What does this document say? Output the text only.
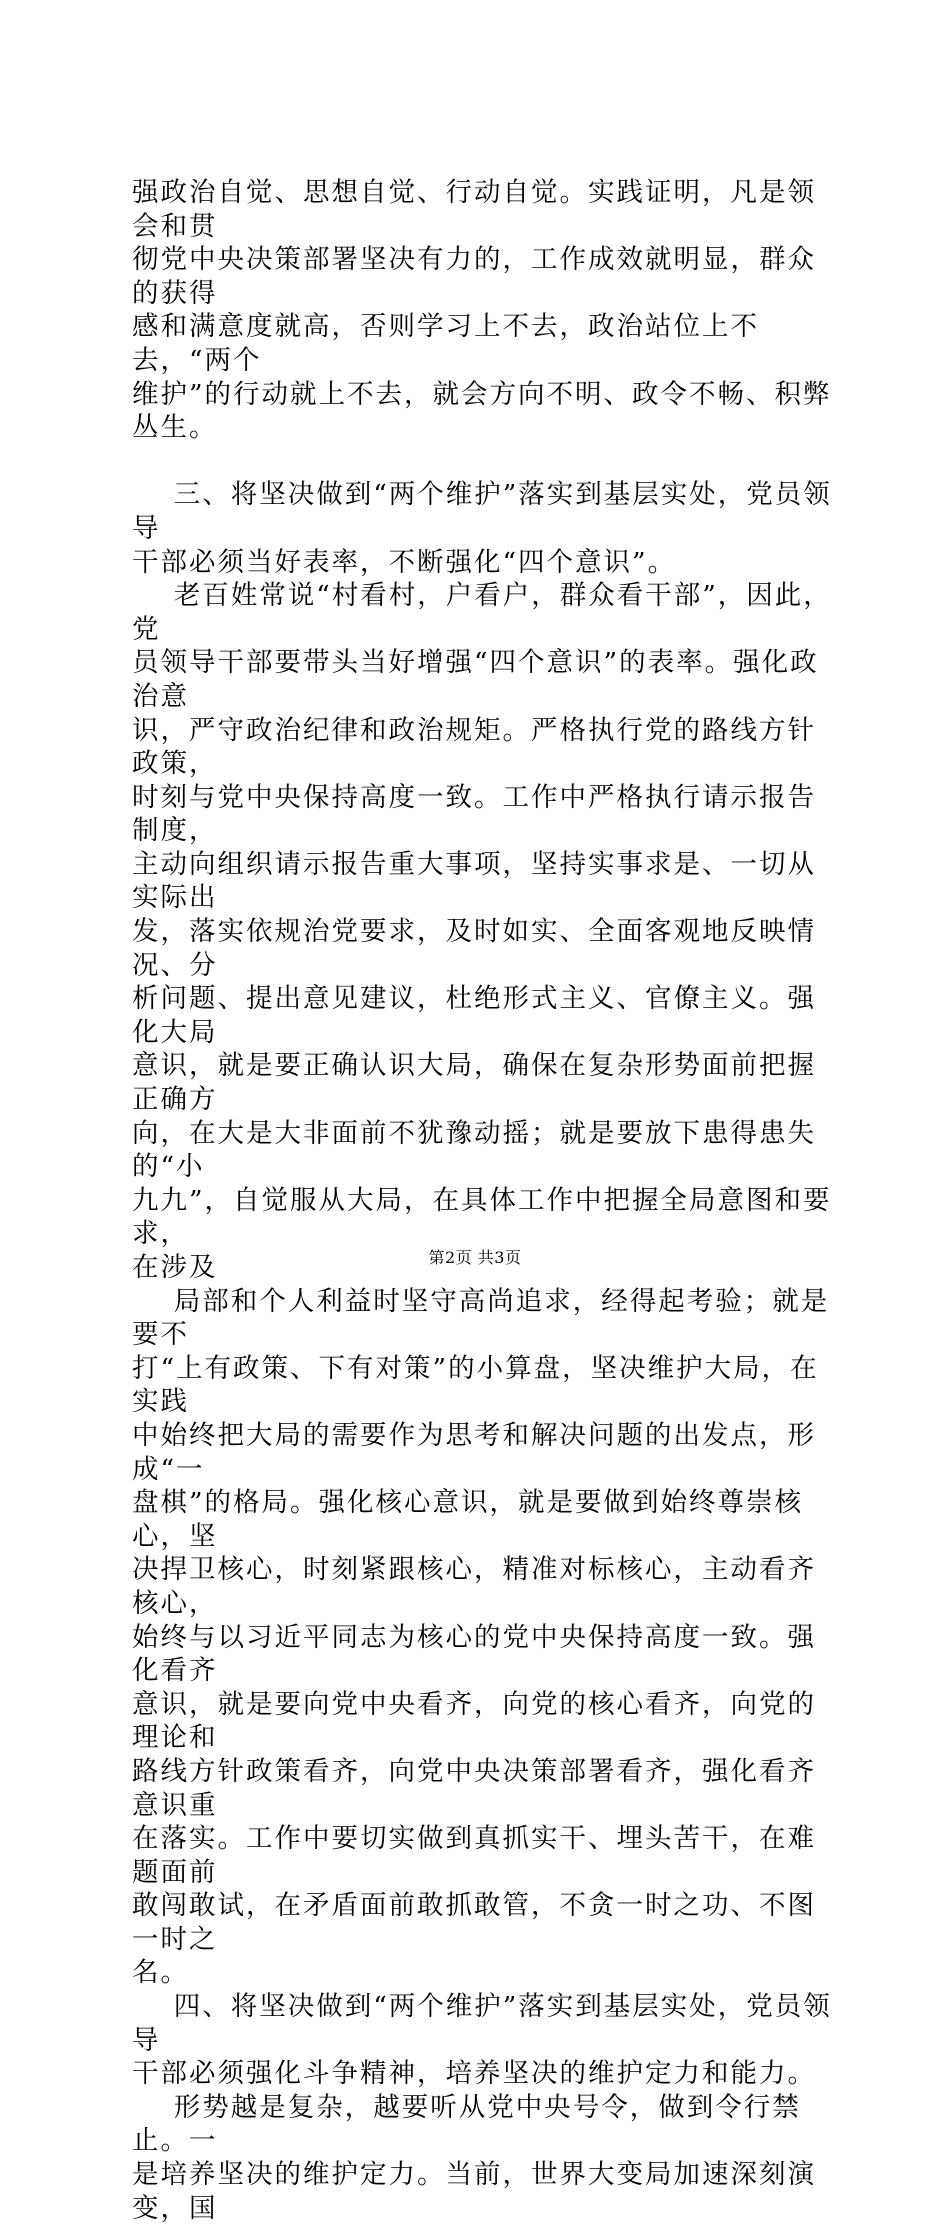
强政治自觉、思想自觉、行动自觉。实践证明，凡是领会和贯

彻党中央决策部署坚决有力的，工作成效就明显，群众的获得

感和满意度就高，否则学习上不去，政治站位上不去，“两个

维护”的行动就上不去，就会方向不明、政令不畅、积弊丛生。

三、将坚决做到“两个维护”落实到基层实处，党员领导

干部必须当好表率，不断强化“四个意识”。

老百姓常说“村看村，户看户，群众看干部”，因此，党

员领导干部要带头当好增强“四个意识”的表率。强化政治意

识，严守政治纪律和政治规矩。严格执行党的路线方针政策，

时刻与党中央保持高度一致。工作中严格执行请示报告制度，

主动向组织请示报告重大事项，坚持实事求是、一切从实际出

发，落实依规治党要求，及时如实、全面客观地反映情况、分

析问题、提出意见建议，杜绝形式主义、官僚主义。强化大局

意识，就是要正确认识大局，确保在复杂形势面前把握正确方

向，在大是大非面前不犹豫动摇；就是要放下患得患失的“小

九九”，自觉服从大局，在具体工作中把握全局意图和要求，

在涉及

局部和个人利益时坚守高尚追求，经得起考验；就是要不

打“上有政策、下有对策”的小算盘，坚决维护大局，在实践

中始终把大局的需要作为思考和解决问题的出发点，形成“一

盘棋”的格局。强化核心意识，就是要做到始终尊崇核心，坚

决捍卫核心，时刻紧跟核心，精准对标核心，主动看齐核心，

始终与以习近平同志为核心的党中央保持高度一致。强化看齐

意识，就是要向党中央看齐，向党的核心看齐，向党的理论和

路线方针政策看齐，向党中央决策部署看齐，强化看齐意识重

在落实。工作中要切实做到真抓实干、埋头苦干，在难题面前

敢闯敢试，在矛盾面前敢抓敢管，不贪一时之功、不图一时之

名。

四、将坚决做到“两个维护”落实到基层实处，党员领导

干部必须强化斗争精神，培养坚决的维护定力和能力。

形势越是复杂，越要听从党中央号令，做到令行禁止。一

是培养坚决的维护定力。当前，世界大变局加速深刻演变，国

第2页 共3页
